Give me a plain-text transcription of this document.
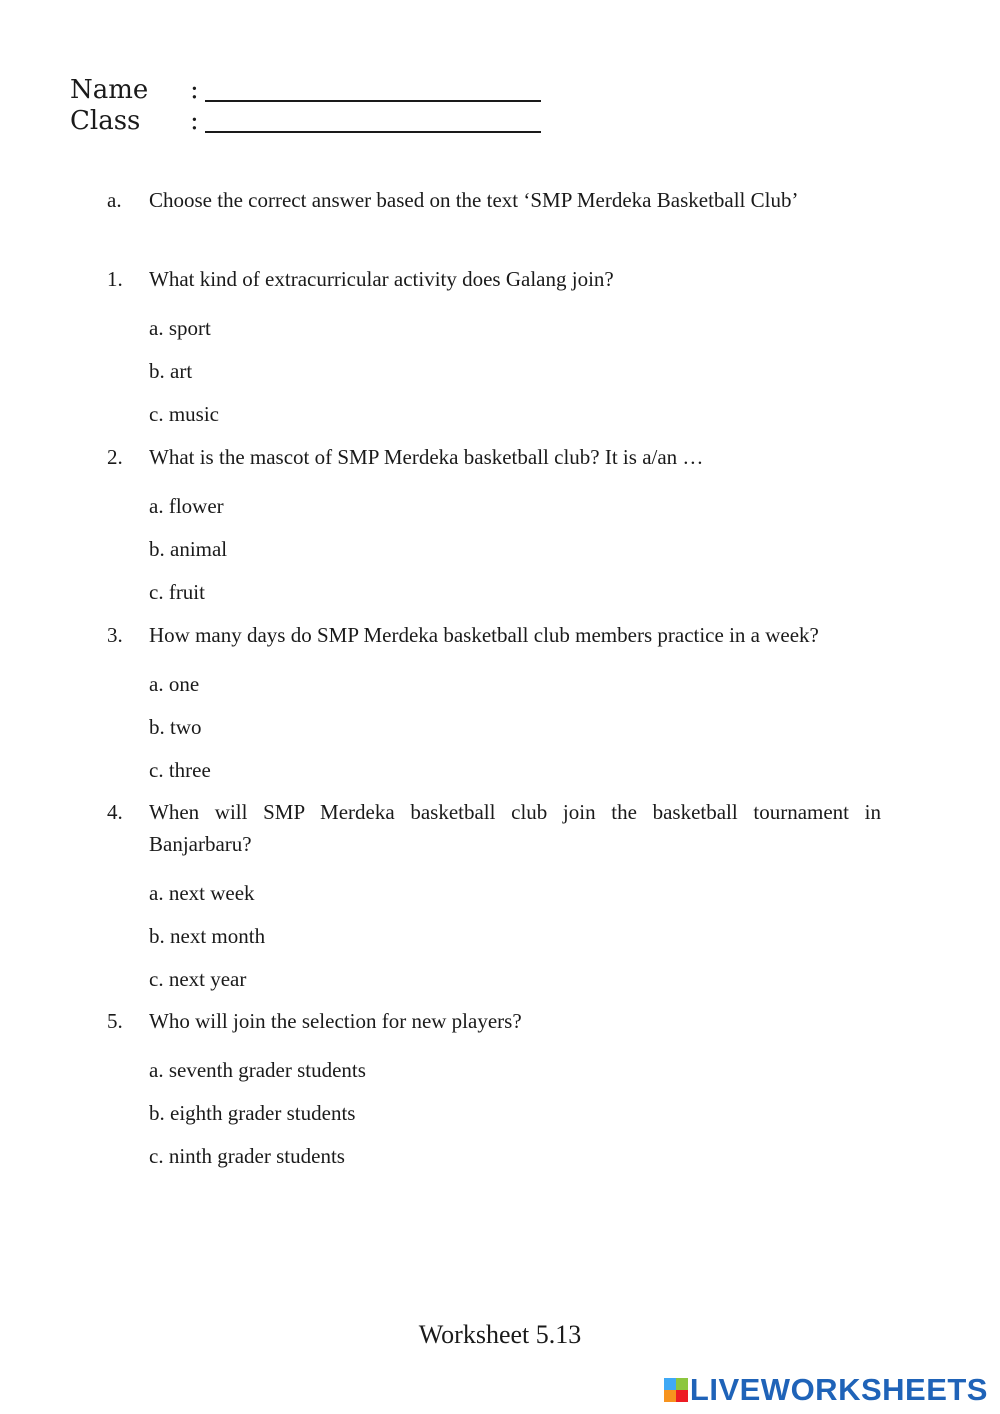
Name :
Class :
a. Choose the correct answer based on the text ‘SMP Merdeka Basketball Club’
1. What kind of extracurricular activity does Galang join?
a. sport
b. art
c. music
2. What is the mascot of SMP Merdeka basketball club? It is a/an …
a. flower
b. animal
c. fruit
3. How many days do SMP Merdeka basketball club members practice in a week?
a. one
b. two
c. three
4. When will SMP Merdeka basketball club join the basketball tournament in Banjarbaru?
a. next week
b. next month
c. next year
5. Who will join the selection for new players?
a. seventh grader students
b. eighth grader students
c. ninth grader students
Worksheet 5.13
LIVEWORKSHEETS
